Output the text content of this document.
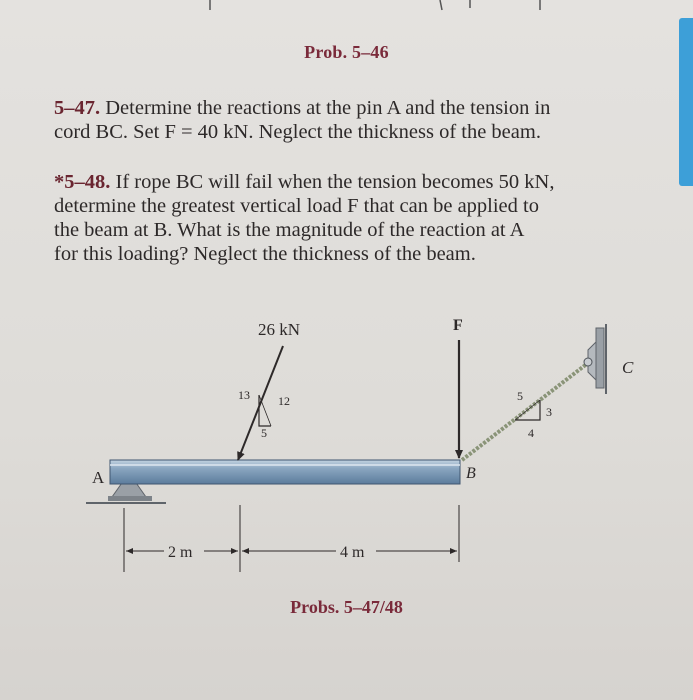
Prob. 5–46
5–47. Determine the reactions at the pin A and the tension in
cord BC. Set F = 40 kN. Neglect the thickness of the beam.
*5–48. If rope BC will fail when the tension becomes 50 kN,
determine the greatest vertical load F that can be applied to
the beam at B. What is the magnitude of the reaction at A
for this loading? Neglect the thickness of the beam.
A
26 kN
13 12
5
F
5
3
4
C
B
2 m	4 m
Probs. 5–47/48
